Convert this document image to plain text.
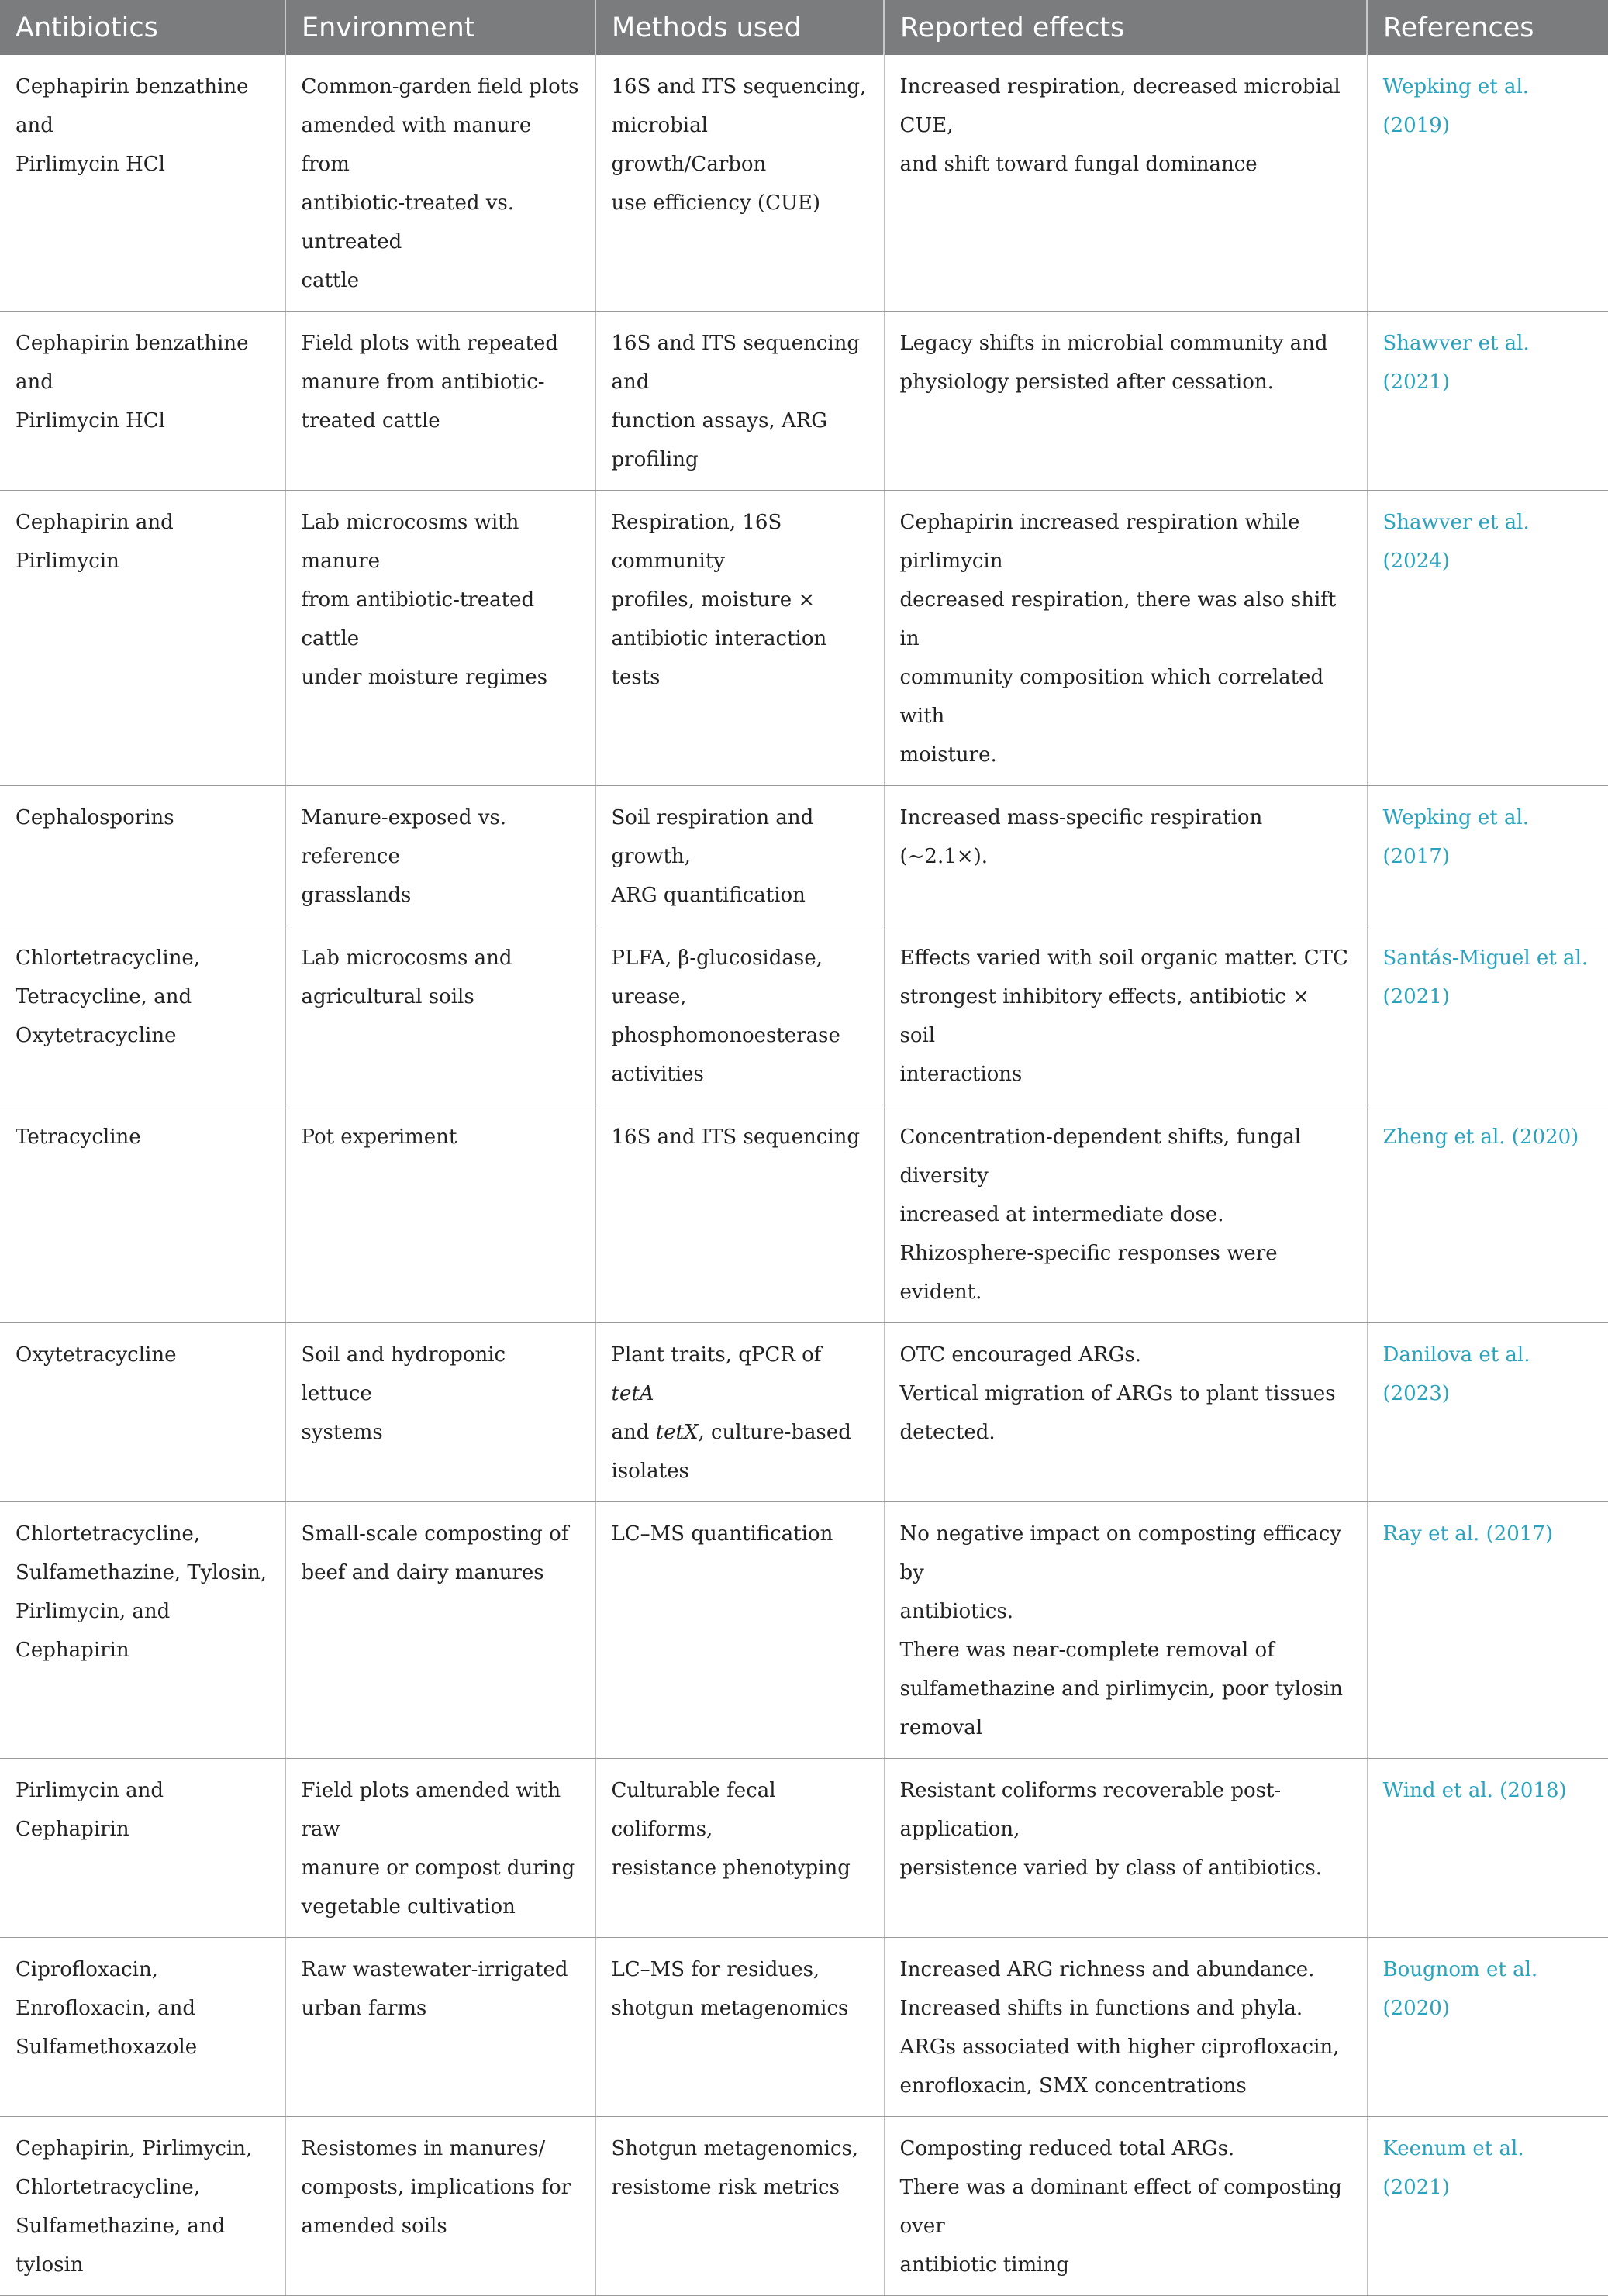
Antibiotics	Environment	Methods used	Reported effects	References

Cephapirin benzathine and
Pirlimycin HCl	Common-garden field plots
amended with manure from
antibiotic-treated vs. untreated
cattle	16S and ITS sequencing,
microbial growth/Carbon
use efficiency (CUE)	Increased respiration, decreased microbial CUE,
and shift toward fungal dominance	Wepking et al. (2019)

Cephapirin benzathine and
Pirlimycin HCl	Field plots with repeated
manure from antibiotic-
treated cattle	16S and ITS sequencing and
function assays, ARG
profiling	Legacy shifts in microbial community and
physiology persisted after cessation.	Shawver et al. (2021)

Cephapirin and Pirlimycin	Lab microcosms with manure
from antibiotic-treated cattle
under moisture regimes	Respiration, 16S community
profiles, moisture ×
antibiotic interaction tests	Cephapirin increased respiration while pirlimycin
decreased respiration, there was also shift in
community composition which correlated with
moisture.	Shawver et al. (2024)

Cephalosporins	Manure-exposed vs. reference
grasslands	Soil respiration and growth,
ARG quantification	Increased mass-specific respiration (~2.1×).	Wepking et al. (2017)

Chlortetracycline,
Tetracycline, and
Oxytetracycline	Lab microcosms and
agricultural soils	PLFA, β-glucosidase, urease,
phosphomonoesterase
activities	Effects varied with soil organic matter. CTC
strongest inhibitory effects, antibiotic × soil
interactions	Santás-Miguel et al. (2021)

Tetracycline	Pot experiment	16S and ITS sequencing	Concentration-dependent shifts, fungal diversity
increased at intermediate dose.
Rhizosphere-specific responses were evident.	Zheng et al. (2020)

Oxytetracycline	Soil and hydroponic lettuce
systems	Plant traits, qPCR of tetA
and tetX, culture-based
isolates	OTC encouraged ARGs.
Vertical migration of ARGs to plant tissues
detected.	Danilova et al. (2023)

Chlortetracycline,
Sulfamethazine, Tylosin,
Pirlimycin, and Cephapirin	Small-scale composting of
beef and dairy manures	LC–MS quantification	No negative impact on composting efficacy by
antibiotics.
There was near-complete removal of
sulfamethazine and pirlimycin, poor tylosin
removal	Ray et al. (2017)

Pirlimycin and Cephapirin	Field plots amended with raw
manure or compost during
vegetable cultivation	Culturable fecal coliforms,
resistance phenotyping	Resistant coliforms recoverable post-application,
persistence varied by class of antibiotics.	Wind et al. (2018)

Ciprofloxacin,
Enrofloxacin, and
Sulfamethoxazole	Raw wastewater-irrigated
urban farms	LC–MS for residues,
shotgun metagenomics	Increased ARG richness and abundance.
Increased shifts in functions and phyla.
ARGs associated with higher ciprofloxacin,
enrofloxacin, SMX concentrations	Bougnom et al. (2020)

Cephapirin, Pirlimycin,
Chlortetracycline,
Sulfamethazine, and tylosin	Resistomes in manures/
composts, implications for
amended soils	Shotgun metagenomics,
resistome risk metrics	Composting reduced total ARGs.
There was a dominant effect of composting over
antibiotic timing	Keenum et al. (2021)
